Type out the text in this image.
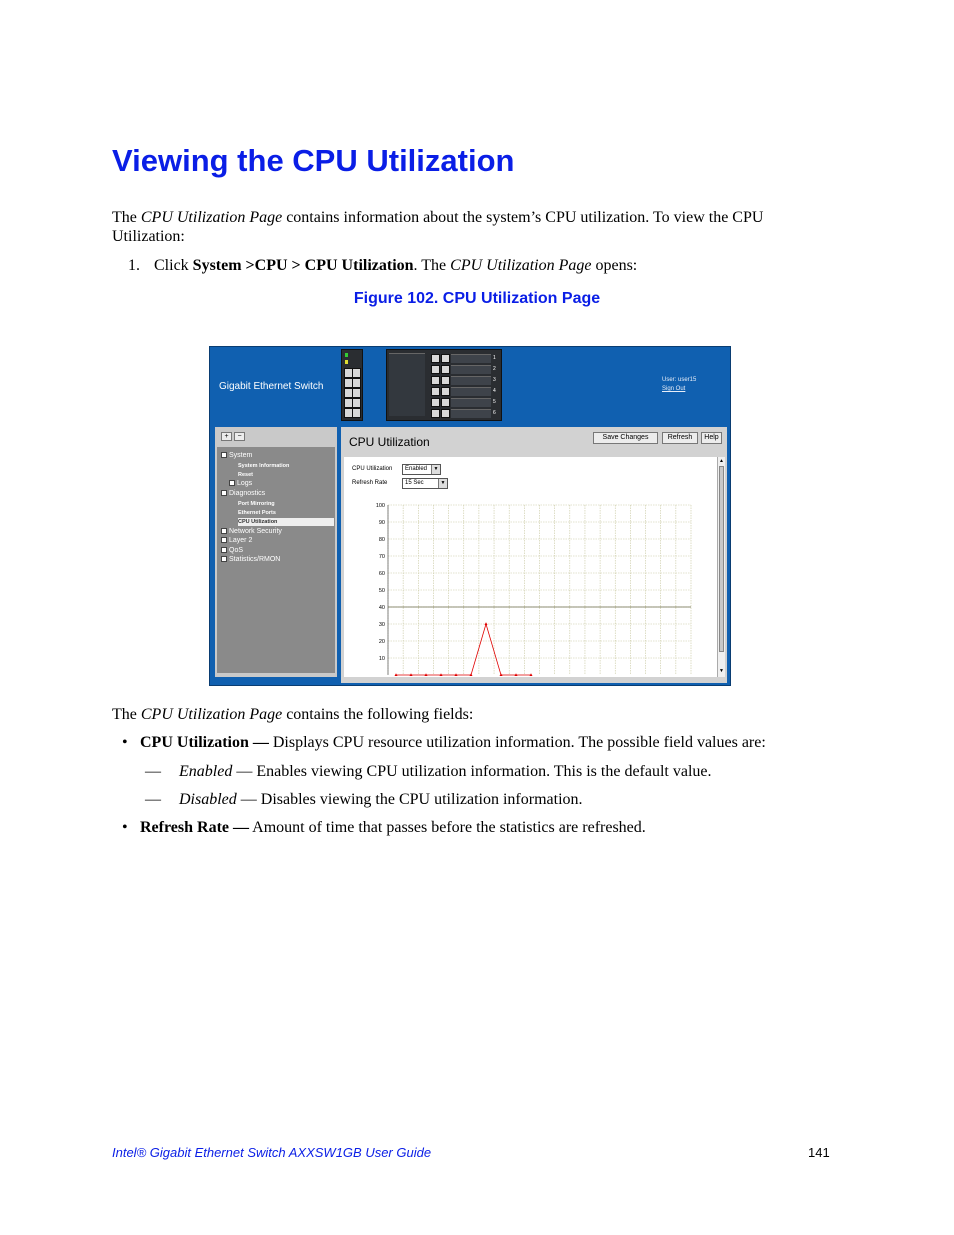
Viewing the CPU Utilization
The CPU Utilization Page contains information about the system’s CPU utilization. To view the CPU Utilization:
1. Click System >CPU > CPU Utilization. The CPU Utilization Page opens:
Figure 102. CPU Utilization Page
Gigabit Ethernet Switch
1
2
3
4
5
6
User: user15
Sign Out
+	−
System
System Information
Reset
Logs
Diagnostics
Port Mirroring
Ethernet Ports
CPU Utilization
Network Security
Layer 2
QoS
Statistics/RMON
CPU Utilization	Save Changes	Refresh	Help
CPU Utilization	Enabled	▼
Refresh Rate	15 Sec	▼
10
20
30
40
50
60
70
80
90
100
▲
▼
The CPU Utilization Page contains the following fields:
• CPU Utilization — Displays CPU resource utilization information. The possible field values are:
— Enabled — Enables viewing CPU utilization information. This is the default value.
— Disabled — Disables viewing the CPU utilization information.
• Refresh Rate — Amount of time that passes before the statistics are refreshed.
Intel® Gigabit Ethernet Switch AXXSW1GB User Guide	141
